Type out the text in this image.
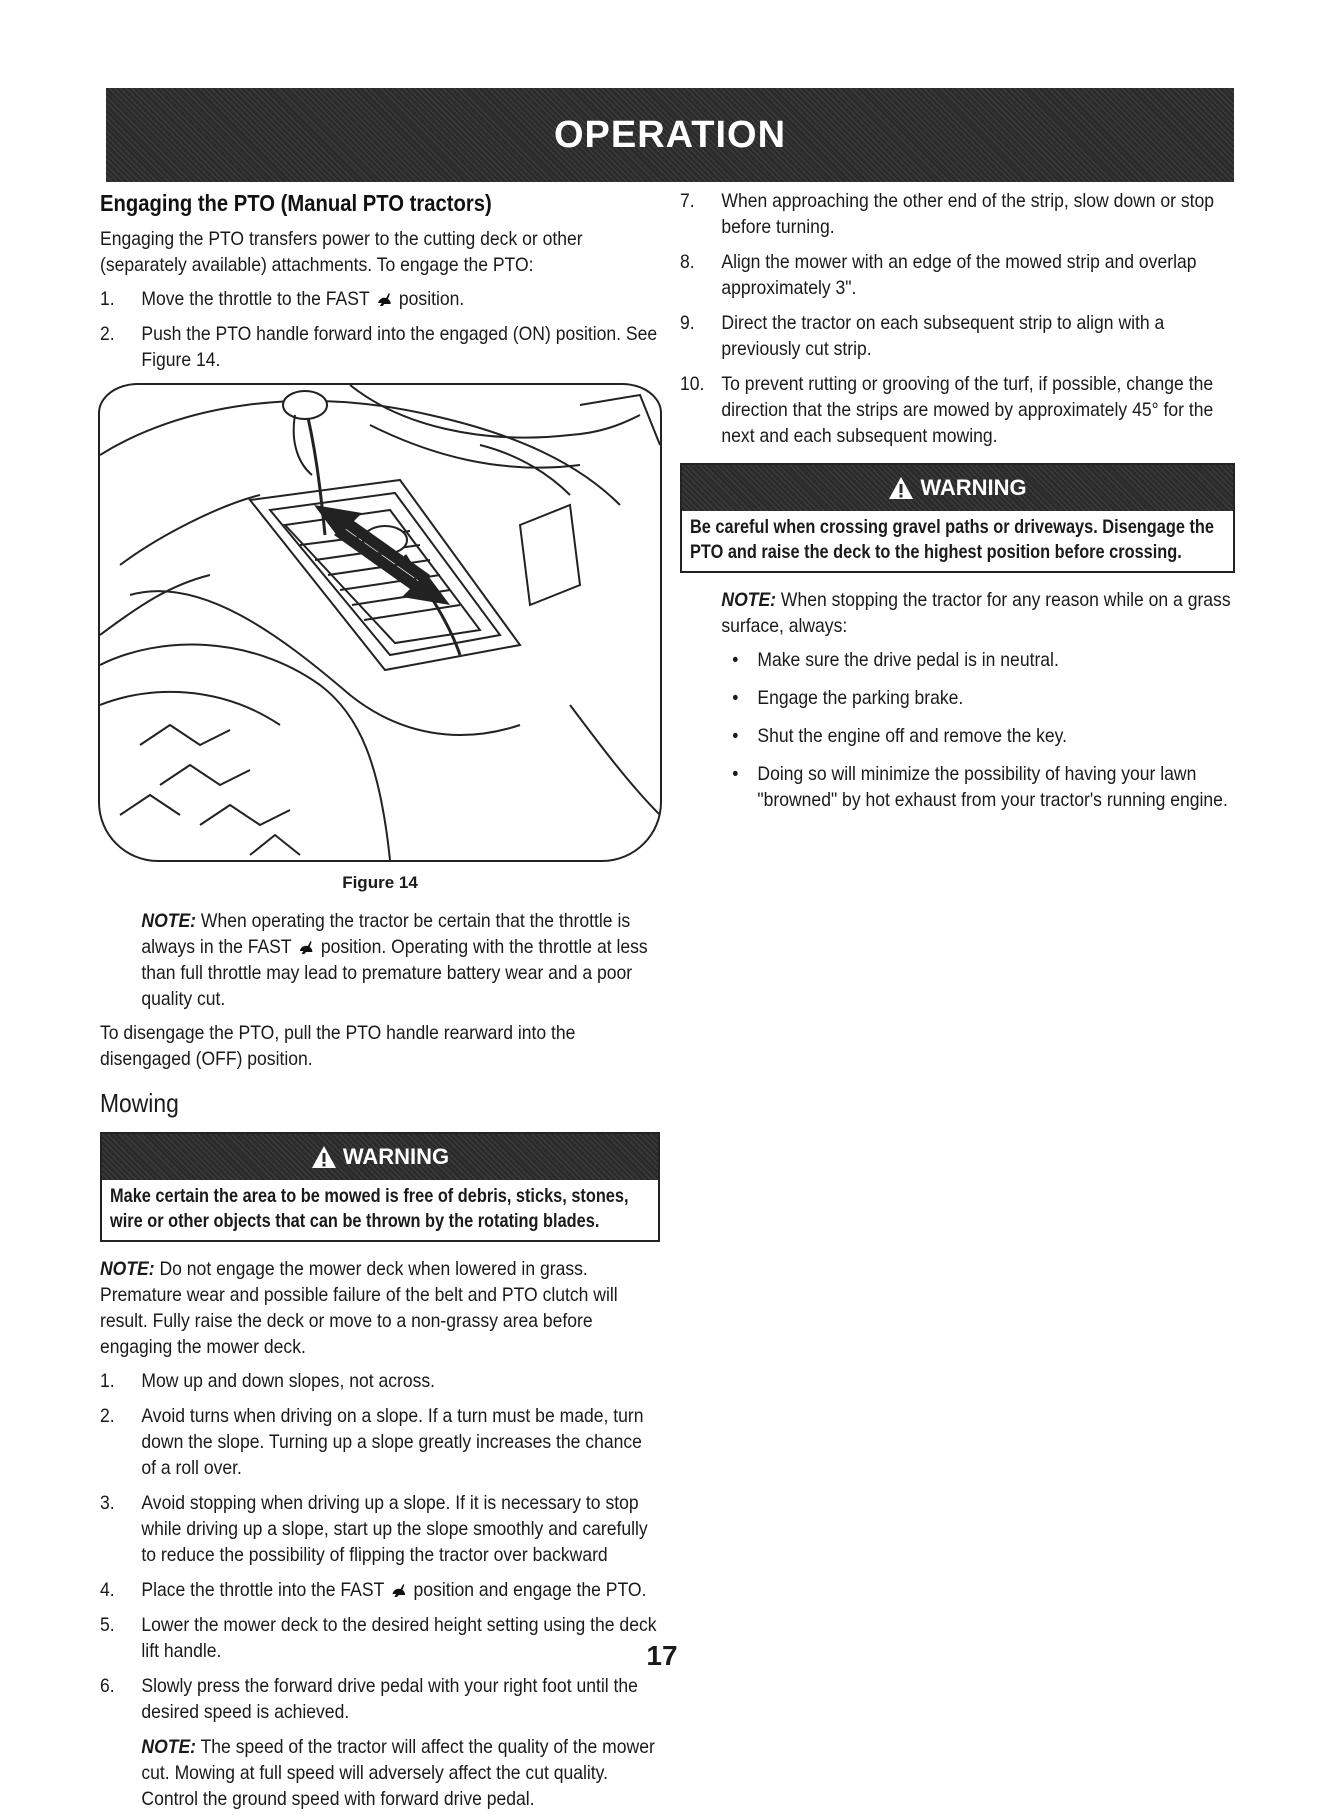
OPERATION
Engaging the PTO (Manual PTO tractors)

Engaging the PTO transfers power to the cutting deck or other (separately available) attachments. To engage the PTO:

1.	Move the throttle to the FAST position.
2.	Push the PTO handle forward into the engaged (ON) position. See Figure 14.
Figure 14

NOTE: When operating the tractor be certain that the throttle is always in the FAST position. Operating with the throttle at less than full throttle may lead to premature battery wear and a poor quality cut.

To disengage the PTO, pull the PTO handle rearward into the disengaged (OFF) position.

Mowing
WARNING
Make certain the area to be mowed is free of debris, sticks, stones, wire or other objects that can be thrown by the rotating blades.

NOTE: Do not engage the mower deck when lowered in grass. Premature wear and possible failure of the belt and PTO clutch will result. Fully raise the deck or move to a non-grassy area before engaging the mower deck.

1.	Mow up and down slopes, not across.
2.	Avoid turns when driving on a slope. If a turn must be made, turn down the slope. Turning up a slope greatly increases the chance of a roll over.
3.	Avoid stopping when driving up a slope. If it is necessary to stop while driving up a slope, start up the slope smoothly and carefully to reduce the possibility of flipping the tractor over backward
4.	Place the throttle into the FAST position and engage the PTO.
5.	Lower the mower deck to the desired height setting using the deck lift handle.
6.	Slowly press the forward drive pedal with your right foot until the desired speed is achieved.

NOTE: The speed of the tractor will affect the quality of the mower cut. Mowing at full speed will adversely affect the cut quality. Control the ground speed with forward drive pedal.

7.	When approaching the other end of the strip, slow down or stop before turning.
8.	Align the mower with an edge of the mowed strip and overlap approximately 3".
9.	Direct the tractor on each subsequent strip to align with a previously cut strip.
10. To prevent rutting or grooving of the turf, if possible, change the direction that the strips are mowed by approximately 45° for the next and each subsequent mowing.
WARNING
Be careful when crossing gravel paths or driveways. Disengage the PTO and raise the deck to the highest position before crossing.

NOTE: When stopping the tractor for any reason while on a grass surface, always:

• Make sure the drive pedal is in neutral.
• Engage the parking brake.
• Shut the engine off and remove the key.
• Doing so will minimize the possibility of having your lawn "browned" by hot exhaust from your tractor's running engine.
17
